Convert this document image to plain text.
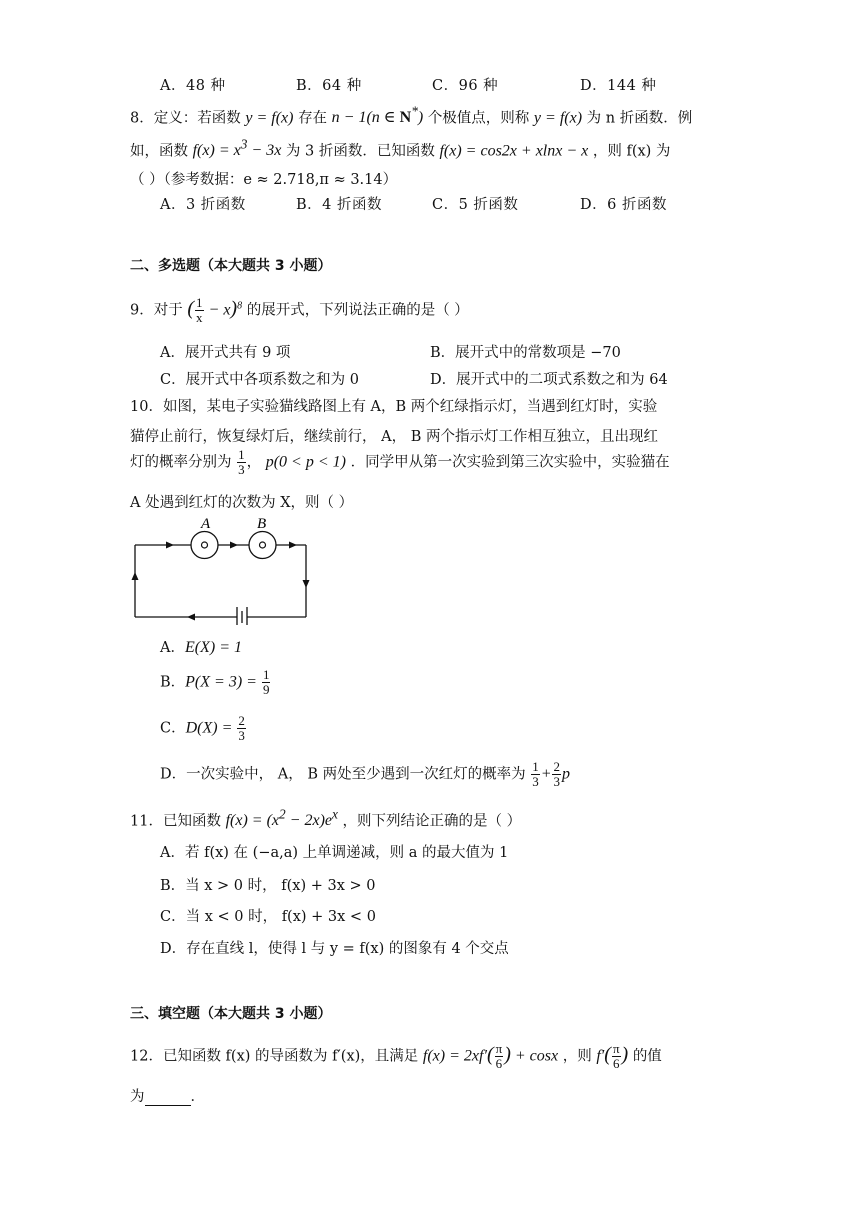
A．48 种	B．64 种	C．96 种	D．144 种
8．定义：若函数 y = f(x) 存在 n − 1(n ∈ N*) 个极值点，则称 y = f(x) 为 n 折函数．例
如，函数 $f(x) = x^3 - 3x$ 为 3 折函数．已知函数 f(x) = cos2x + xlnx − x ，则 f(x) 为
（ ）（参考数据：e ≈ 2.718,π ≈ 3.14）
A．3 折函数	B．4 折函数	C．5 折函数	D．6 折函数
二、多选题（本大题共 3 小题）
9．对于 ( $\frac{1}{x} - x)^8$ 的展开式，下列说法正确的是（ ）
A．展开式共有 9 项	B．展开式中的常数项是 −70
C．展开式中各项系数之和为 0	D．展开式中的二项式系数之和为 64
10．如图，某电子实验猫线路图上有 A，B 两个红绿指示灯，当遇到红灯时，实验
猫停止前行，恢复绿灯后，继续前行， A， B 两个指示灯工作相互独立，且出现红
灯的概率分别为 $\frac{1}{3}$ ， p(0 < p < 1) ．同学甲从第一次实验到第三次实验中，实验猫在
A 处遇到红灯的次数为 X，则（ ）
A	B
A．E(X) = 1
B．$P(X = 3) = \frac{1}{9}$
C．$D(X) = \frac{2}{3}$
D．一次实验中， A， B 两处至少遇到一次红灯的概率为 $\frac{1}{3} + \frac{2}{3}$ p
11．已知函数 $f(x) = (x^2 - 2x)e^x$ ，则下列结论正确的是（ ）
A．若 f(x) 在 (−a,a) 上单调递减，则 a 的最大值为 1
B．当 x > 0 时， f(x) + 3x > 0
C．当 x < 0 时， f(x) + 3x < 0
D．存在直线 l，使得 l 与 y = f(x) 的图象有 4 个交点
三、填空题（本大题共 3 小题）
12．已知函数 f(x) 的导函数为 f′(x)，且满足 $f(x) = 2xf'( \frac{\pi}{6}$ ) + cosx ，则 $f'( \frac{\pi}{6}$ ) 的值
为	．
